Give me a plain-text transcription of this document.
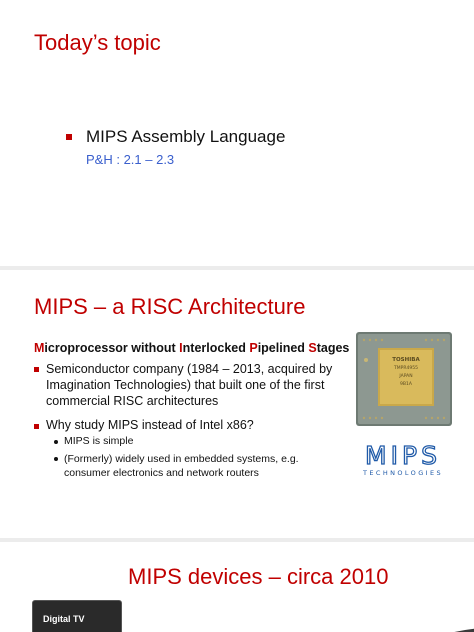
Today’s topic
MIPS Assembly Language
P&H : 2.1 – 2.3
MIPS – a RISC Architecture
Microprocessor without Interlocked Pipelined Stages
Semiconductor company (1984 – 2013, acquired by
Imagination Technologies) that built one of the first
commercial RISC architectures
Why study MIPS instead of Intel x86?
MIPS is simple
(Formerly) widely used in embedded systems, e.g.
consumer electronics and network routers
TOSHIBA
TMPR4955
JAPAN
9B1A
MIPS
TECHNOLOGIES
MIPS devices – circa 2010
Digital TV
